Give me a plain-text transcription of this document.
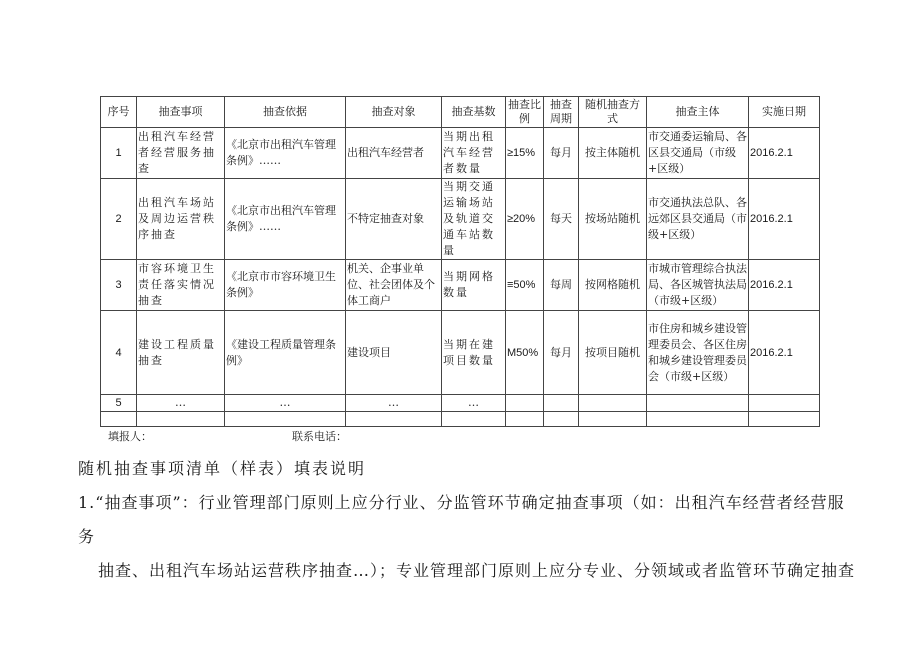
序号	抽查事项	抽查依据	抽查对象	抽查基数	抽查比例	抽查周期	随机抽查方式	抽查主体	实施日期
1	出租汽车经营者经营服务抽查	《北京市出租汽车管理条例》……	出租汽车经营者	当期出租汽车经营者数量	≥15%	每月	按主体随机	市交通委运输局、各区县交通局（市级+区级）	2016.2.1
2	出租汽车场站及周边运营秩序抽查	《北京市出租汽车管理条例》……	不特定抽查对象	当期交通运输场站及轨道交通车站数量	≥20%	每天	按场站随机	市交通执法总队、各远郊区县交通局（市级+区级）	2016.2.1
3	市容环境卫生责任落实情况抽查	《北京市市容环境卫生条例》	机关、企事业单位、社会团体及个体工商户	当期网格数量	≡50%	每周	按网格随机	市城市管理综合执法局、各区城管执法局（市级+区级）	2016.2.1
4	建设工程质量抽查	《建设工程质量管理条例》	建设项目	当期在建项目数量	M50%	每月	按项目随机	市住房和城乡建设管理委员会、各区住房和城乡建设管理委员会（市级+区级）	2016.2.1
5	…	…	…	…					

填报人：	联系电话：
随机抽查事项清单（样表）填表说明
1.“抽查事项”：行业管理部门原则上应分行业、分监管环节确定抽查事项（如：出租汽车经营者经营服务
抽查、出租汽车场站运营秩序抽查…）；专业管理部门原则上应分专业、分领域或者监管环节确定抽查
